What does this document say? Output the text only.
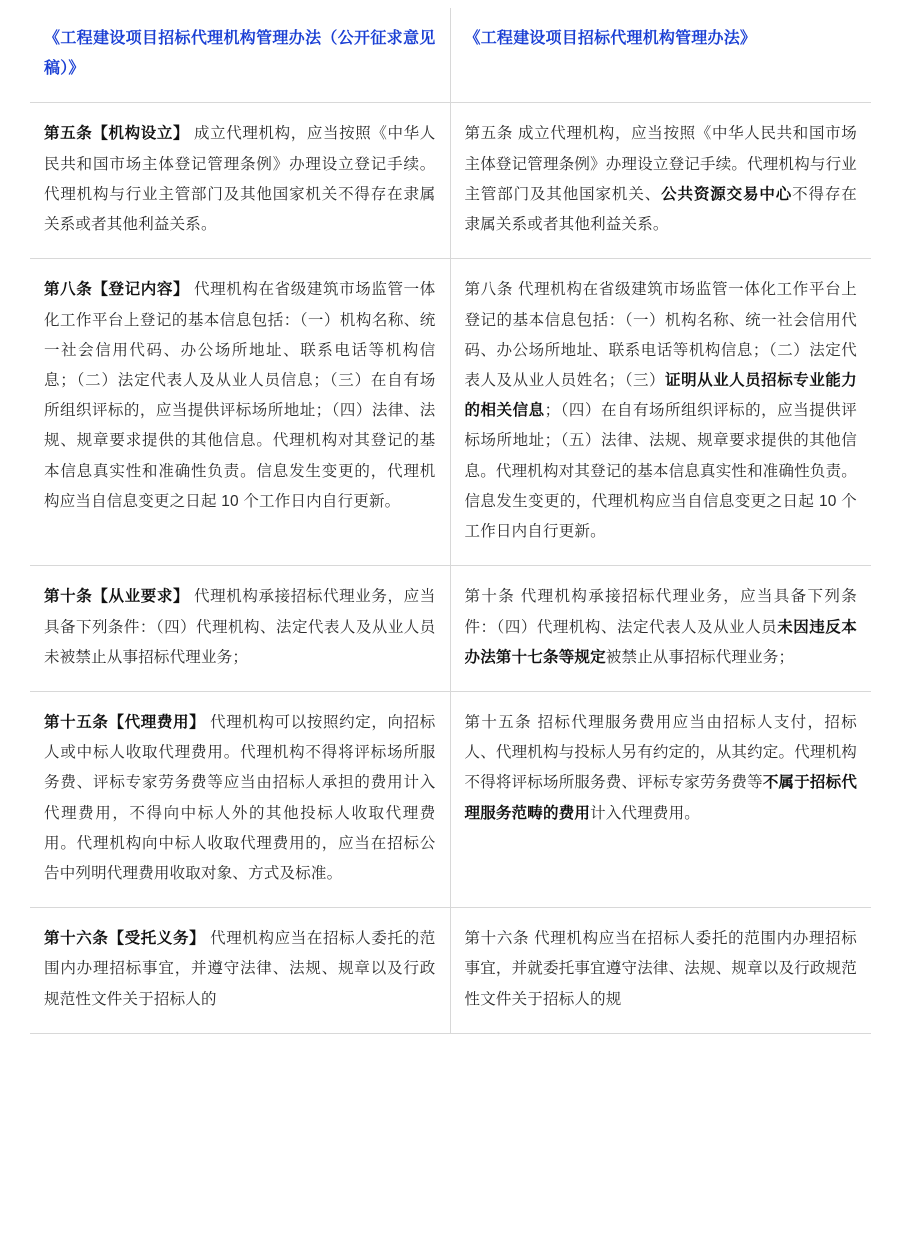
《工程建设项目招标代理机构管理办法（公开征求意见稿）》	《工程建设项目招标代理机构管理办法》
第五条【机构设立】 成立代理机构，应当按照《中华人民共和国市场主体登记管理条例》办理设立登记手续。代理机构与行业主管部门及其他国家机关不得存在隶属关系或者其他利益关系。	第五条 成立代理机构，应当按照《中华人民共和国市场主体登记管理条例》办理设立登记手续。代理机构与行业主管部门及其他国家机关、公共资源交易中心不得存在隶属关系或者其他利益关系。
第八条【登记内容】 代理机构在省级建筑市场监管一体化工作平台上登记的基本信息包括：（一）机构名称、统一社会信用代码、办公场所地址、联系电话等机构信息；（二）法定代表人及从业人员信息；（三）在自有场所组织评标的，应当提供评标场所地址；（四）法律、法规、规章要求提供的其他信息。代理机构对其登记的基本信息真实性和准确性负责。信息发生变更的，代理机构应当自信息变更之日起 10 个工作日内自行更新。	第八条 代理机构在省级建筑市场监管一体化工作平台上登记的基本信息包括：（一）机构名称、统一社会信用代码、办公场所地址、联系电话等机构信息；（二）法定代表人及从业人员姓名；（三）证明从业人员招标专业能力的相关信息；（四）在自有场所组织评标的，应当提供评标场所地址；（五）法律、法规、规章要求提供的其他信息。代理机构对其登记的基本信息真实性和准确性负责。信息发生变更的，代理机构应当自信息变更之日起 10 个工作日内自行更新。
第十条【从业要求】 代理机构承接招标代理业务，应当具备下列条件：（四）代理机构、法定代表人及从业人员未被禁止从事招标代理业务；	第十条 代理机构承接招标代理业务，应当具备下列条件：（四）代理机构、法定代表人及从业人员未因违反本办法第十七条等规定被禁止从事招标代理业务；
第十五条【代理费用】 代理机构可以按照约定，向招标人或中标人收取代理费用。代理机构不得将评标场所服务费、评标专家劳务费等应当由招标人承担的费用计入代理费用，不得向中标人外的其他投标人收取代理费用。代理机构向中标人收取代理费用的，应当在招标公告中列明代理费用收取对象、方式及标准。	第十五条 招标代理服务费用应当由招标人支付，招标人、代理机构与投标人另有约定的，从其约定。代理机构不得将评标场所服务费、评标专家劳务费等不属于招标代理服务范畴的费用计入代理费用。
第十六条【受托义务】 代理机构应当在招标人委托的范围内办理招标事宜，并遵守法律、法规、规章以及行政规范性文件关于招标人的	第十六条 代理机构应当在招标人委托的范围内办理招标事宜，并就委托事宜遵守法律、法规、规章以及行政规范性文件关于招标人的规
